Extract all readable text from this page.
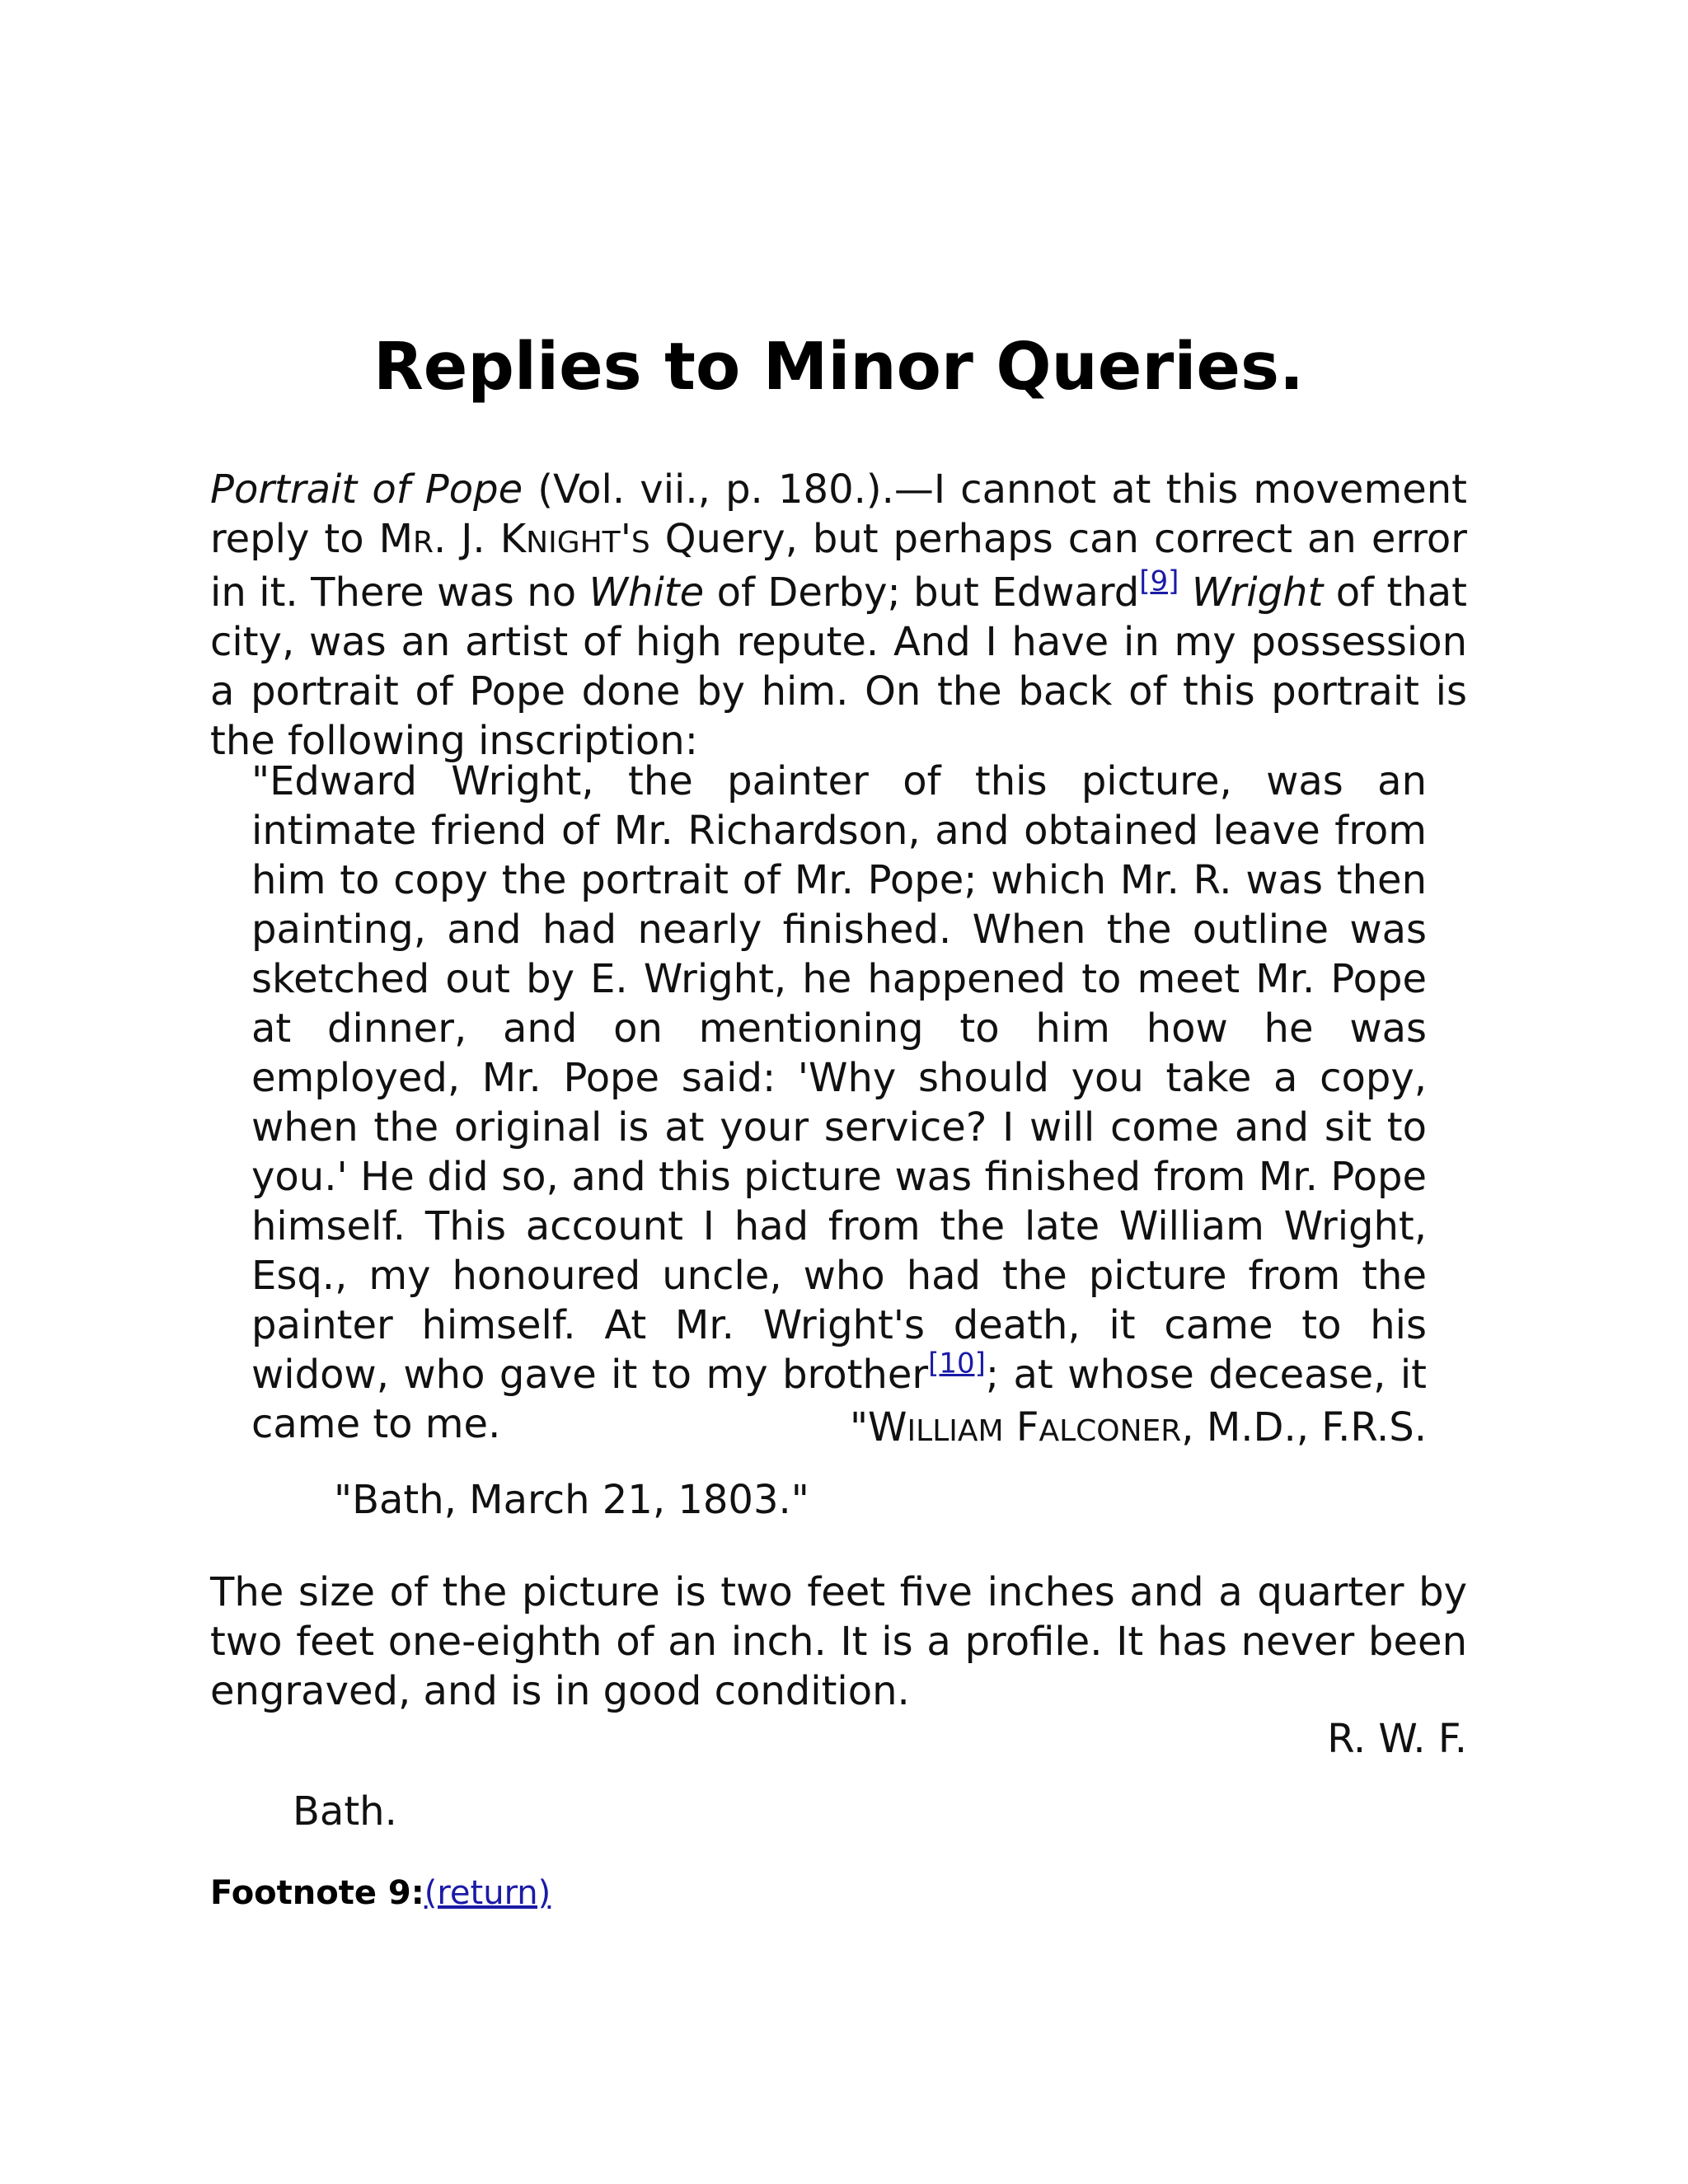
Replies to Minor Queries.

Portrait of Pope (Vol. vii., p. 180.).—I cannot at this movement reply to MR. J. KNIGHT'S Query, but perhaps can correct an error in it. There was no White of Derby; but Edward[9] Wright of that city, was an artist of high repute. And I have in my possession a portrait of Pope done by him. On the back of this portrait is the following inscription:

"Edward Wright, the painter of this picture, was an intimate friend of Mr. Richardson, and obtained leave from him to copy the portrait of Mr. Pope; which Mr. R. was then painting, and had nearly finished. When the outline was sketched out by E. Wright, he happened to meet Mr. Pope at dinner, and on mentioning to him how he was employed, Mr. Pope said: 'Why should you take a copy, when the original is at your service? I will come and sit to you.' He did so, and this picture was finished from Mr. Pope himself. This account I had from the late William Wright, Esq., my honoured uncle, who had the picture from the painter himself. At Mr. Wright's death, it came to his widow, who gave it to my brother[10]; at whose decease, it came to me.	"WILLIAM FALCONER, M.D., F.R.S.
"Bath, March 21, 1803."

The size of the picture is two feet five inches and a quarter by two feet one-eighth of an inch. It is a profile. It has never been engraved, and is in good condition.

R. W. F.
Bath.
Footnote 9:(return)
